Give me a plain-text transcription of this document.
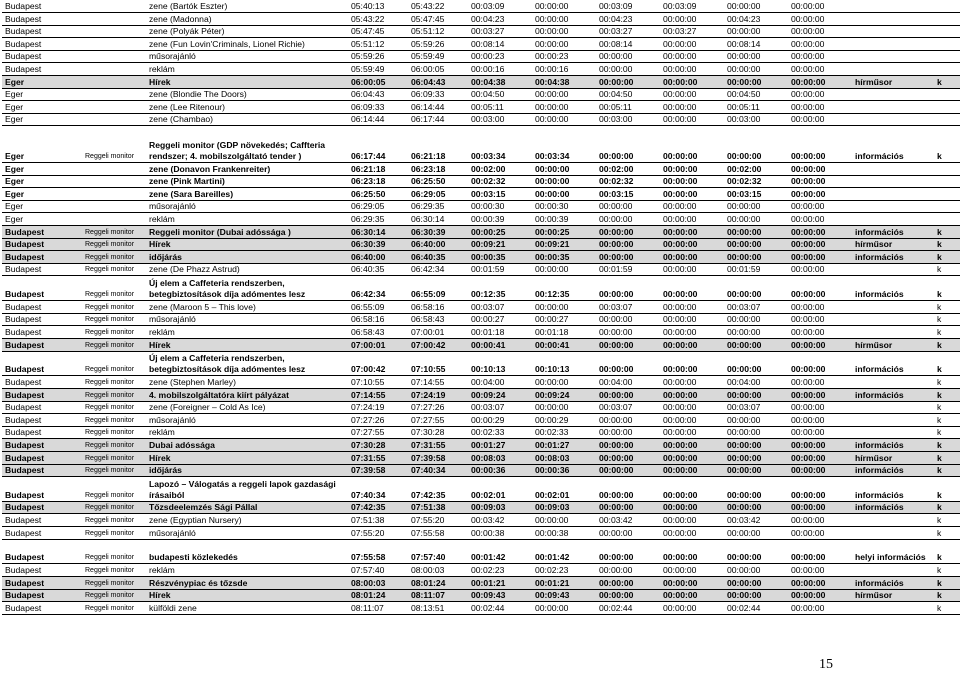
Budapest		zene (Bartók Eszter)	05:40:13	05:43:22	00:03:09	00:00:00	00:03:09	00:03:09	00:00:00	00:00:00		
Budapest		zene (Madonna)	05:43:22	05:47:45	00:04:23	00:00:00	00:04:23	00:00:00	00:04:23	00:00:00		
Budapest		zene (Polyák Péter)	05:47:45	05:51:12	00:03:27	00:00:00	00:03:27	00:03:27	00:00:00	00:00:00		
Budapest		zene (Fun Lovin'Criminals, Lionel Richie)	05:51:12	05:59:26	00:08:14	00:00:00	00:08:14	00:00:00	00:08:14	00:00:00		
Budapest		műsorajánló	05:59:26	05:59:49	00:00:23	00:00:23	00:00:00	00:00:00	00:00:00	00:00:00		
Budapest		reklám	05:59:49	06:00:05	00:00:16	00:00:16	00:00:00	00:00:00	00:00:00	00:00:00		
Eger		Hírek	06:00:05	06:04:43	00:04:38	00:04:38	00:00:00	00:00:00	00:00:00	00:00:00	hírműsor	k
Eger		zene (Blondie The Doors)	06:04:43	06:09:33	00:04:50	00:00:00	00:04:50	00:00:00	00:04:50	00:00:00		
Eger		zene (Lee Ritenour)	06:09:33	06:14:44	00:05:11	00:00:00	00:05:11	00:00:00	00:05:11	00:00:00		
Eger		zene (Chambao)	06:14:44	06:17:44	00:03:00	00:00:00	00:03:00	00:00:00	00:03:00	00:00:00		
Eger	Reggeli monitor	Reggeli monitor (GDP növekedés; Caffteria rendszer; 4. mobilszolgáltató tender )	06:17:44	06:21:18	00:03:34	00:03:34	00:00:00	00:00:00	00:00:00	00:00:00	információs	k
Eger		zene (Donavon Frankenreiter)	06:21:18	06:23:18	00:02:00	00:00:00	00:02:00	00:00:00	00:02:00	00:00:00		
Eger		zene (Pink Martini)	06:23:18	06:25:50	00:02:32	00:00:00	00:02:32	00:00:00	00:02:32	00:00:00		
Eger		zene (Sara Bareilles)	06:25:50	06:29:05	00:03:15	00:00:00	00:03:15	00:00:00	00:03:15	00:00:00		
Eger		műsorajánló	06:29:05	06:29:35	00:00:30	00:00:30	00:00:00	00:00:00	00:00:00	00:00:00		
Eger		reklám	06:29:35	06:30:14	00:00:39	00:00:39	00:00:00	00:00:00	00:00:00	00:00:00		
Budapest	Reggeli monitor	Reggeli monitor (Dubai adóssága )	06:30:14	06:30:39	00:00:25	00:00:25	00:00:00	00:00:00	00:00:00	00:00:00	információs	k
Budapest	Reggeli monitor	Hírek	06:30:39	06:40:00	00:09:21	00:09:21	00:00:00	00:00:00	00:00:00	00:00:00	hírműsor	k
Budapest	Reggeli monitor	időjárás	06:40:00	06:40:35	00:00:35	00:00:35	00:00:00	00:00:00	00:00:00	00:00:00	információs	k
Budapest	Reggeli monitor	zene (De Phazz Astrud)	06:40:35	06:42:34	00:01:59	00:00:00	00:01:59	00:00:00	00:01:59	00:00:00		k
Budapest	Reggeli monitor	Új elem a Caffeteria rendszerben, betegbiztosítások díja adómentes lesz	06:42:34	06:55:09	00:12:35	00:12:35	00:00:00	00:00:00	00:00:00	00:00:00	információs	k
Budapest	Reggeli monitor	zene (Maroon 5 – This love)	06:55:09	06:58:16	00:03:07	00:00:00	00:03:07	00:00:00	00:03:07	00:00:00		k
Budapest	Reggeli monitor	műsorajánló	06:58:16	06:58:43	00:00:27	00:00:27	00:00:00	00:00:00	00:00:00	00:00:00		k
Budapest	Reggeli monitor	reklám	06:58:43	07:00:01	00:01:18	00:01:18	00:00:00	00:00:00	00:00:00	00:00:00		k
Budapest	Reggeli monitor	Hírek	07:00:01	07:00:42	00:00:41	00:00:41	00:00:00	00:00:00	00:00:00	00:00:00	hírműsor	k
Budapest	Reggeli monitor	Új elem a Caffeteria rendszerben, betegbiztosítások díja adómentes lesz	07:00:42	07:10:55	00:10:13	00:10:13	00:00:00	00:00:00	00:00:00	00:00:00	információs	k
Budapest	Reggeli monitor	zene (Stephen Marley)	07:10:55	07:14:55	00:04:00	00:00:00	00:04:00	00:00:00	00:04:00	00:00:00		k
Budapest	Reggeli monitor	4. mobilszolgáltatóra kiírt pályázat	07:14:55	07:24:19	00:09:24	00:09:24	00:00:00	00:00:00	00:00:00	00:00:00	információs	k
Budapest	Reggeli monitor	zene (Foreigner – Cold As Ice)	07:24:19	07:27:26	00:03:07	00:00:00	00:03:07	00:00:00	00:03:07	00:00:00		k
Budapest	Reggeli monitor	műsorajánló	07:27:26	07:27:55	00:00:29	00:00:29	00:00:00	00:00:00	00:00:00	00:00:00		k
Budapest	Reggeli monitor	reklám	07:27:55	07:30:28	00:02:33	00:02:33	00:00:00	00:00:00	00:00:00	00:00:00		k
Budapest	Reggeli monitor	Dubai adóssága	07:30:28	07:31:55	00:01:27	00:01:27	00:00:00	00:00:00	00:00:00	00:00:00	információs	k
Budapest	Reggeli monitor	Hírek	07:31:55	07:39:58	00:08:03	00:08:03	00:00:00	00:00:00	00:00:00	00:00:00	hírműsor	k
Budapest	Reggeli monitor	időjárás	07:39:58	07:40:34	00:00:36	00:00:36	00:00:00	00:00:00	00:00:00	00:00:00	információs	k
Budapest	Reggeli monitor	Lapozó – Válogatás a reggeli lapok gazdasági írásaiból	07:40:34	07:42:35	00:02:01	00:02:01	00:00:00	00:00:00	00:00:00	00:00:00	információs	k
Budapest	Reggeli monitor	Tőzsdeelemzés Sági Pállal	07:42:35	07:51:38	00:09:03	00:09:03	00:00:00	00:00:00	00:00:00	00:00:00	információs	k
Budapest	Reggeli monitor	zene (Egyptian Nursery)	07:51:38	07:55:20	00:03:42	00:00:00	00:03:42	00:00:00	00:03:42	00:00:00		k
Budapest	Reggeli monitor	műsorajánló	07:55:20	07:55:58	00:00:38	00:00:38	00:00:00	00:00:00	00:00:00	00:00:00		k
Budapest	Reggeli monitor	budapesti közlekedés	07:55:58	07:57:40	00:01:42	00:01:42	00:00:00	00:00:00	00:00:00	00:00:00	helyi információs	k
Budapest	Reggeli monitor	reklám	07:57:40	08:00:03	00:02:23	00:02:23	00:00:00	00:00:00	00:00:00	00:00:00		k
Budapest	Reggeli monitor	Részvénypiac és tőzsde	08:00:03	08:01:24	00:01:21	00:01:21	00:00:00	00:00:00	00:00:00	00:00:00	információs	k
Budapest	Reggeli monitor	Hírek	08:01:24	08:11:07	00:09:43	00:09:43	00:00:00	00:00:00	00:00:00	00:00:00	hírműsor	k
Budapest	Reggeli monitor	külföldi zene	08:11:07	08:13:51	00:02:44	00:00:00	00:02:44	00:00:00	00:02:44	00:00:00		k
15
